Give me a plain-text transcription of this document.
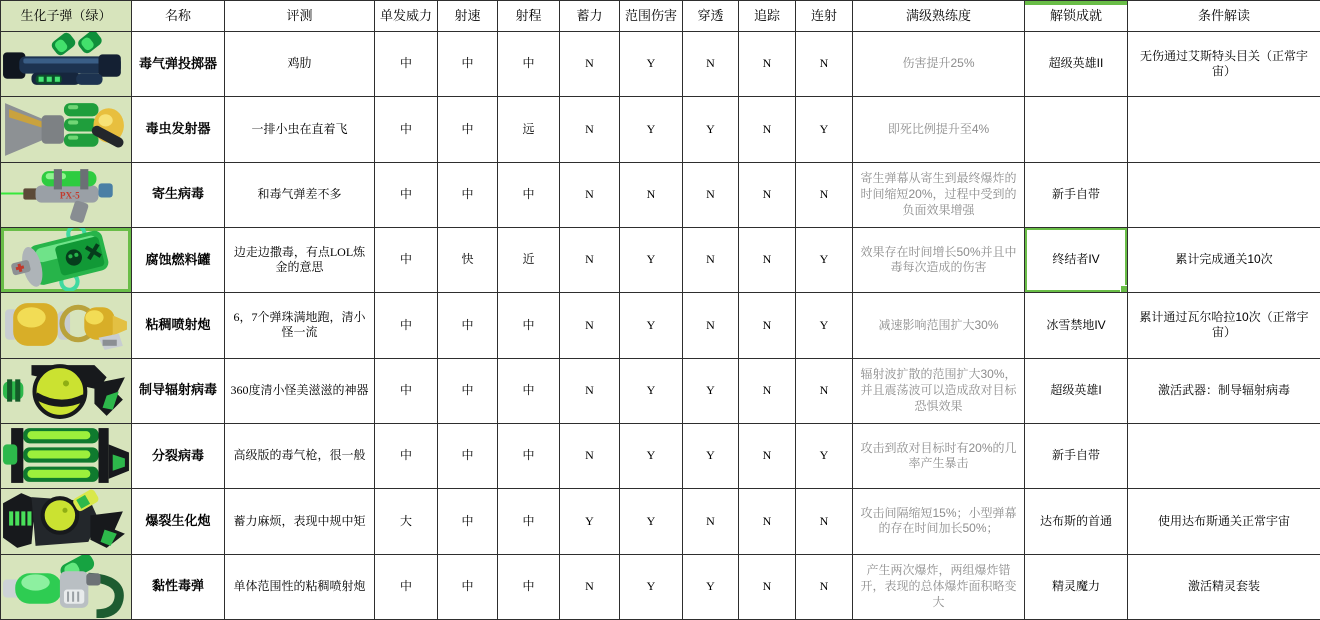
生化子弹（绿）	名称	评测	单发威力	射速	射程	蓄力	范围伤害	穿透	追踪	连射	满级熟练度	解锁成就	条件解读

	毒气弹投掷器	鸡肋	中	中	中	N	Y	N	N	N	伤害提升25%	超级英雄II	无伤通过艾斯特头目关（正常宇宙）

	毒虫发射器	一排小虫在直着飞	中	中	远	N	Y	Y	N	Y	即死比例提升至4%		

PX-5	寄生病毒	和毒气弹差不多	中	中	中	N	N	N	N	N	寄生弹幕从寄生到最终爆炸的时间缩短20%，过程中受到的负面效果增强	新手自带	

	腐蚀燃料罐	边走边撒毒，有点LOL炼金的意思	中	快	近	N	Y	N	N	Y	效果存在时间增长50%并且中毒每次造成的伤害	终结者IV	累计完成通关10次

	粘稠喷射炮	6，7个弹珠满地跑，清小怪一流	中	中	中	N	Y	N	N	Y	减速影响范围扩大30%	冰雪禁地IV	累计通过瓦尔哈拉10次（正常宇宙）

	制导辐射病毒	360度清小怪美滋滋的神器	中	中	中	N	Y	Y	N	N	辐射波扩散的范围扩大30%，并且震荡波可以造成敌对目标恐惧效果	超级英雄I	激活武器：制导辐射病毒

	分裂病毒	高级版的毒气枪，很一般	中	中	中	N	Y	Y	N	Y	攻击到敌对目标时有20%的几率产生暴击	新手自带	

	爆裂生化炮	蓄力麻烦，表现中规中矩	大	中	中	Y	Y	N	N	N	攻击间隔缩短15%；小型弹幕的存在时间加长50%；	达布斯的首通	使用达布斯通关正常宇宙

	黏性毒弹	单体范围性的粘稠喷射炮	中	中	中	N	Y	Y	N	N	产生两次爆炸，两组爆炸错开，表现的总体爆炸面积略变大	精灵魔力	激活精灵套装
